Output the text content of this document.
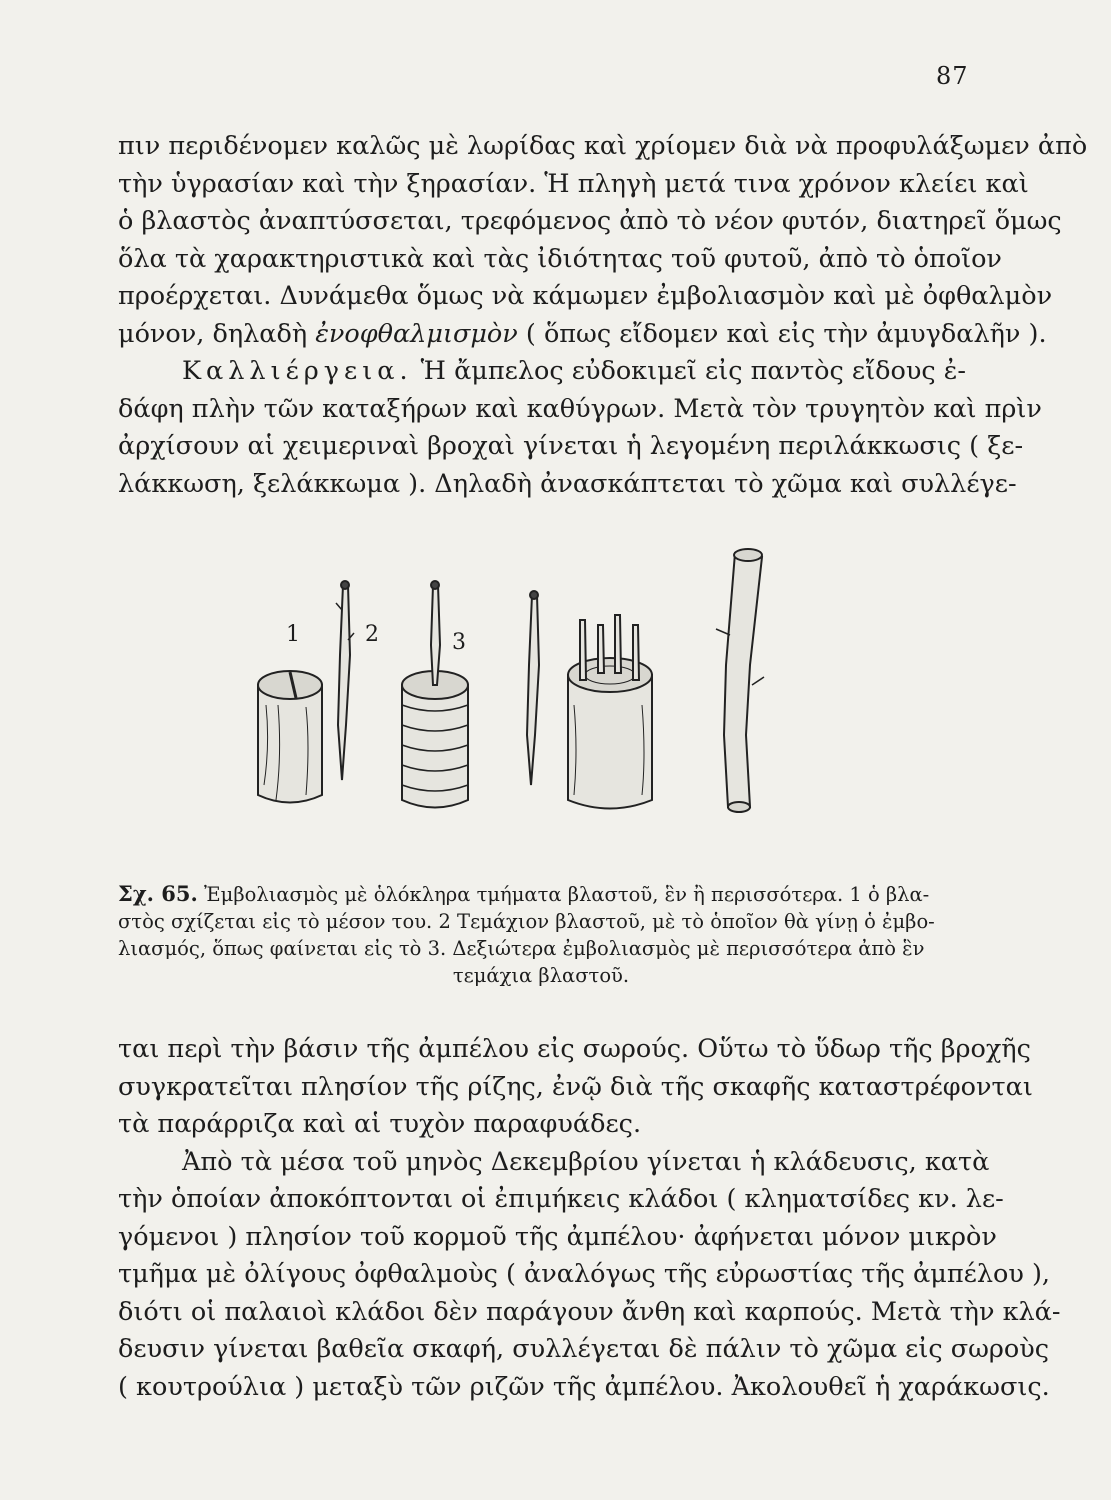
87
πιν περιδένομεν καλῶς μὲ λωρίδας καὶ χρίομεν διὰ νὰ προφυλάξωμεν ἀπὸ
τὴν ὑγρασίαν καὶ τὴν ξηρασίαν. Ἡ πληγὴ μετά τινα χρόνον κλείει καὶ
ὁ βλαστὸς ἀναπτύσσεται, τρεφόμενος ἀπὸ τὸ νέον φυτόν, διατηρεῖ ὅμως
ὅλα τὰ χαρακτηριστικὰ καὶ τὰς ἰδιότητας τοῦ φυτοῦ, ἀπὸ τὸ ὁποῖον
προέρχεται. Δυνάμεθα ὅμως νὰ κάμωμεν ἐμβολιασμὸν καὶ μὲ ὀφθαλμὸν
μόνον, δηλαδὴ ἐνοφθαλμισμὸν ( ὅπως εἴδομεν καὶ εἰς τὴν ἀμυγδαλῆν ).
Καλλιέργεια. Ἡ ἄμπελος εὐδοκιμεῖ εἰς παντὸς εἴδους ἐ-
δάφη πλὴν τῶν καταξήρων καὶ καθύγρων. Μετὰ τὸν τρυγητὸν καὶ πρὶν
ἀρχίσουν αἱ χειμεριναὶ βροχαὶ γίνεται ἡ λεγομένη περιλάκκωσις ( ξε-
λάκκωση, ξελάκκωμα ). Δηλαδὴ ἀνασκάπτεται τὸ χῶμα καὶ συλλέγε-
1	2	3
Σχ. 65. Ἐμβολιασμὸς μὲ ὁλόκληρα τμήματα βλαστοῦ, ἓν ἢ περισσότερα. 1 ὁ βλα-
στὸς σχίζεται εἰς τὸ μέσον του. 2 Τεμάχιον βλαστοῦ, μὲ τὸ ὁποῖον θὰ γίνῃ ὁ ἐμβο-
λιασμός, ὅπως φαίνεται εἰς τὸ 3. Δεξιώτερα ἐμβολιασμὸς μὲ περισσότερα ἀπὸ ἓν
τεμάχια βλαστοῦ.
ται περὶ τὴν βάσιν τῆς ἀμπέλου εἰς σωρούς. Οὕτω τὸ ὕδωρ τῆς βροχῆς
συγκρατεῖται πλησίον τῆς ρίζης, ἐνῷ διὰ τῆς σκαφῆς καταστρέφονται
τὰ παράρριζα καὶ αἱ τυχὸν παραφυάδες.
Ἀπὸ τὰ μέσα τοῦ μηνὸς Δεκεμβρίου γίνεται ἡ κλάδευσις, κατὰ
τὴν ὁποίαν ἀποκόπτονται οἱ ἐπιμήκεις κλάδοι ( κληματσίδες κν. λε-
γόμενοι ) πλησίον τοῦ κορμοῦ τῆς ἀμπέλου· ἀφήνεται μόνον μικρὸν
τμῆμα μὲ ὀλίγους ὀφθαλμοὺς ( ἀναλόγως τῆς εὐρωστίας τῆς ἀμπέλου ),
διότι οἱ παλαιοὶ κλάδοι δὲν παράγουν ἄνθη καὶ καρπούς. Μετὰ τὴν κλά-
δευσιν γίνεται βαθεῖα σκαφή, συλλέγεται δὲ πάλιν τὸ χῶμα εἰς σωροὺς
( κουτρούλια ) μεταξὺ τῶν ριζῶν τῆς ἀμπέλου. Ἀκολουθεῖ ἡ χαράκωσις.
